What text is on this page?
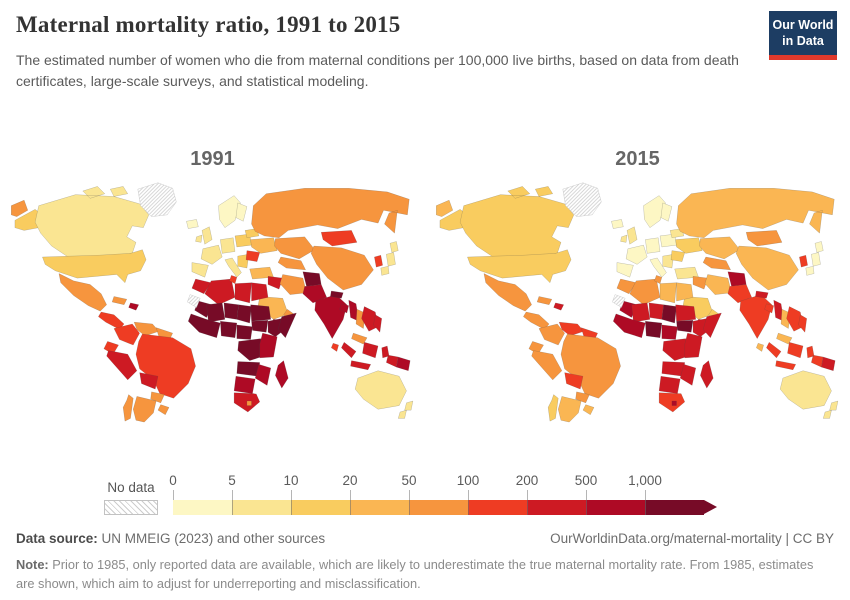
Maternal mortality ratio, 1991 to 2015
The estimated number of women who die from maternal conditions per 100,000 live births, based on data from death certificates, large-scale surveys, and statistical modeling.
Our World
in Data
1991	2015
No data	0	5	10	20	50	100	200	500 1,000
Data source: UN MMEIG (2023) and other sources	OurWorldinData.org/maternal-mortality | CC BY
Note: Prior to 1985, only reported data are available, which are likely to underestimate the true maternal mortality rate. From 1985, estimates are shown, which aim to adjust for underreporting and misclassification.
